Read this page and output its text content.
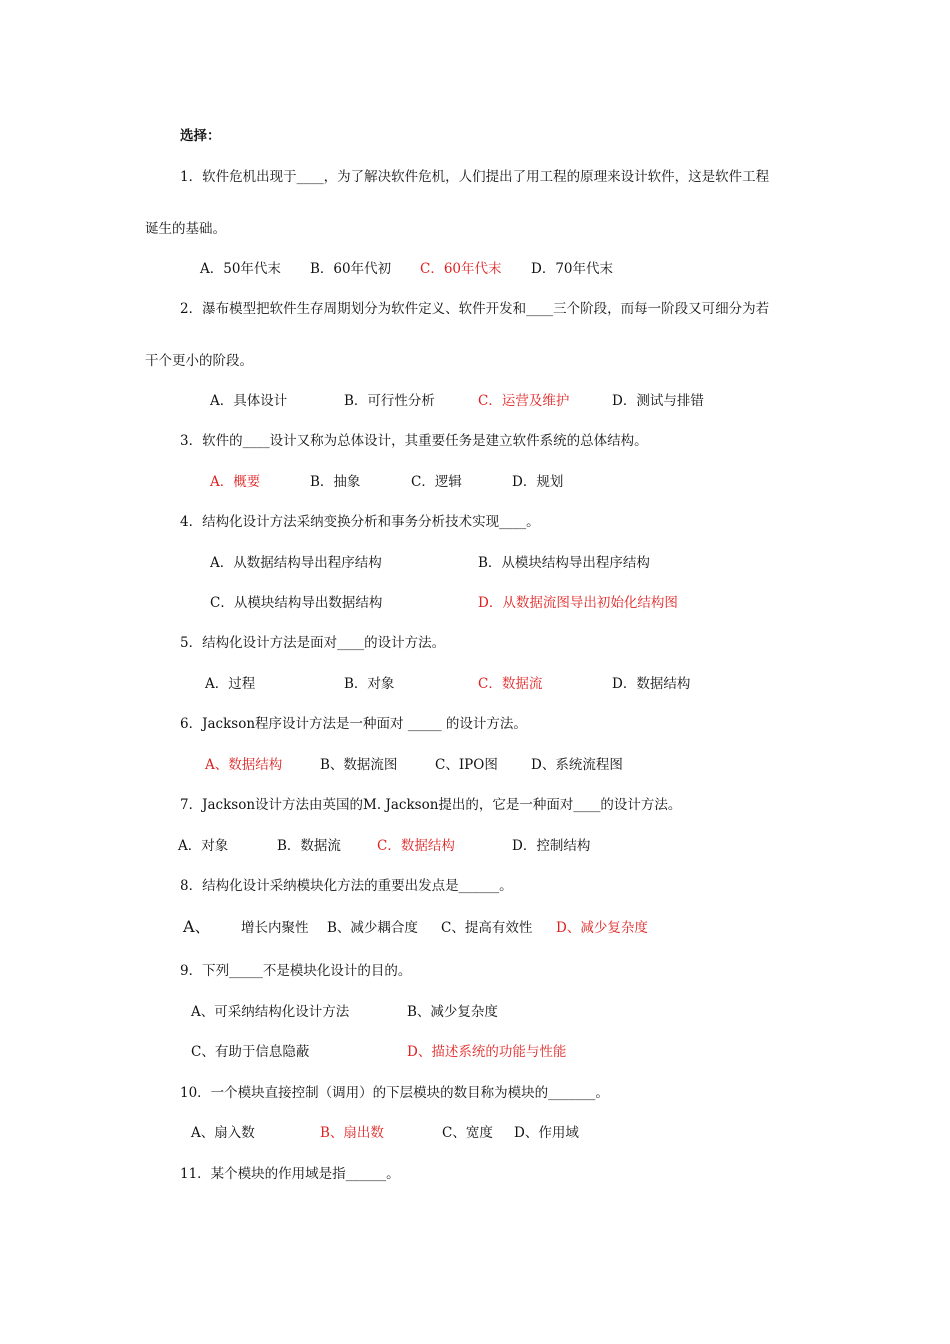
选择：
1．软件危机出现于____，为了解决软件危机，人们提出了用工程的原理来设计软件，这是软件工程
诞生的基础。
A．50年代末 B．60年代初 C．60年代末 D．70年代末
2．瀑布模型把软件生存周期划分为软件定义、软件开发和____三个阶段，而每一阶段又可细分为若
干个更小的阶段。
A．具体设计	B．可行性分析	C．运营及维护	D．测试与排错
3．软件的____设计又称为总体设计，其重要任务是建立软件系统的总体结构。
A．概要	B．抽象	C．逻辑	D．规划
4．结构化设计方法采纳变换分析和事务分析技术实现____。
A．从数据结构导出程序结构	B．从模块结构导出程序结构
C．从模块结构导出数据结构	D．从数据流图导出初始化结构图
5．结构化设计方法是面对____的设计方法。
A．过程	B．对象	C．数据流	D．数据结构
6．Jackson程序设计方法是一种面对 _____ 的设计方法。
A、数据结构	B、数据流图	C、IPO图 D、系统流程图
7．Jackson设计方法由英国的M. Jackson提出的，它是一种面对____的设计方法。
A．对象	B．数据流	C．数据结构	D．控制结构
8．结构化设计采纳模块化方法的重要出发点是______。
A、 增长内聚性 B、减少耦合度 C、提高有效性 D、减少复杂度
9．下列_____不是模块化设计的目的。
A、可采纳结构化设计方法	B、减少复杂度
C、有助于信息隐蔽	D、描述系统的功能与性能
10．一个模块直接控制（调用）的下层模块的数目称为模块的_______。
A、扇入数	B、扇出数	C、宽度 D、作用域
11．某个模块的作用域是指______。
